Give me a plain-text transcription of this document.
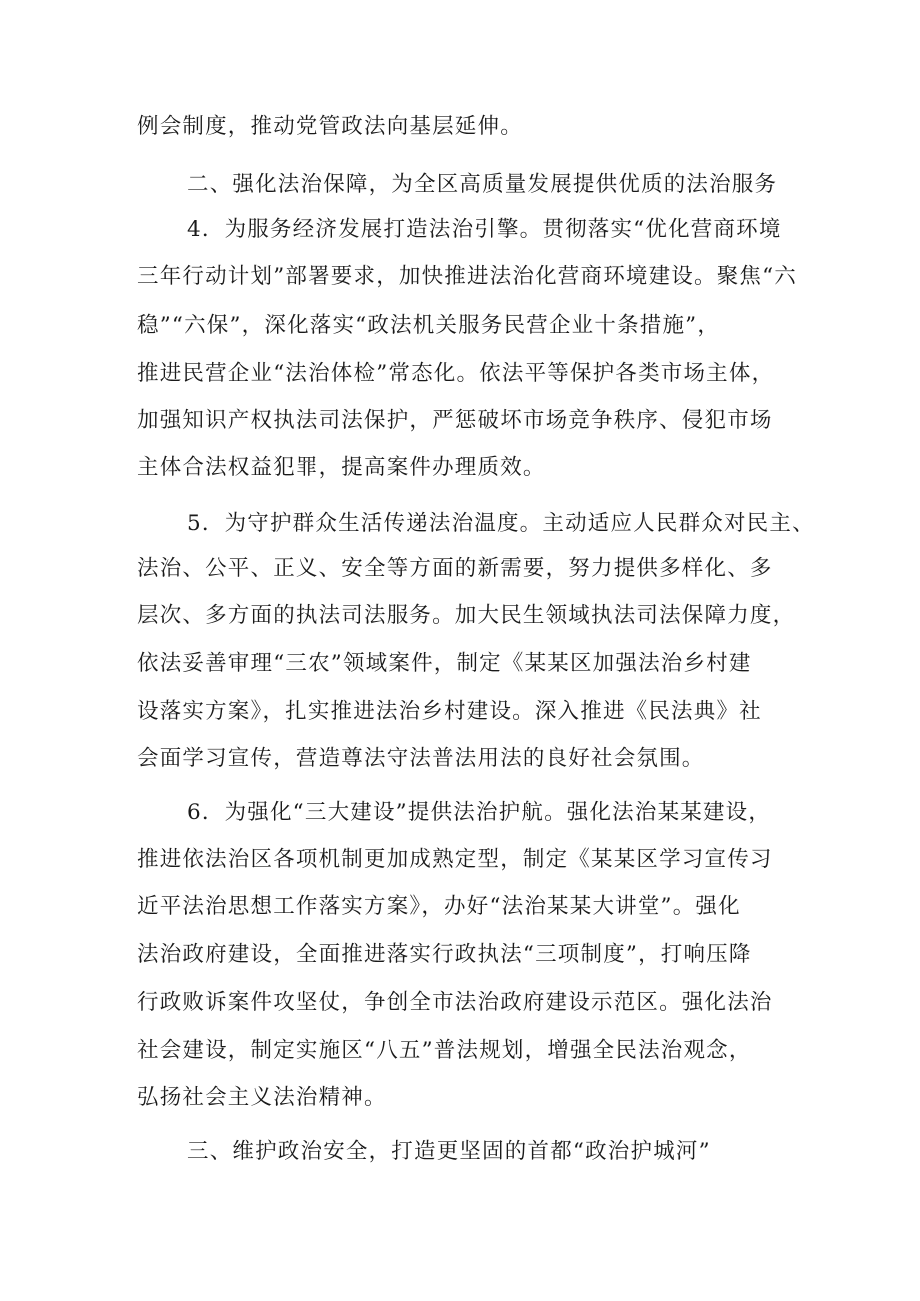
例会制度，推动党管政法向基层延伸。
二、强化法治保障，为全区高质量发展提供优质的法治服务
4．为服务经济发展打造法治引擎。贯彻落实“优化营商环境
三年行动计划”部署要求，加快推进法治化营商环境建设。聚焦“六
稳”“六保”，深化落实“政法机关服务民营企业十条措施”，
推进民营企业“法治体检”常态化。依法平等保护各类市场主体，
加强知识产权执法司法保护，严惩破坏市场竞争秩序、侵犯市场
主体合法权益犯罪，提高案件办理质效。
5．为守护群众生活传递法治温度。主动适应人民群众对民主、
法治、公平、正义、安全等方面的新需要，努力提供多样化、多
层次、多方面的执法司法服务。加大民生领域执法司法保障力度，
依法妥善审理“三农”领域案件，制定《某某区加强法治乡村建
设落实方案》，扎实推进法治乡村建设。深入推进《民法典》社
会面学习宣传，营造尊法守法普法用法的良好社会氛围。
6．为强化“三大建设”提供法治护航。强化法治某某建设，
推进依法治区各项机制更加成熟定型，制定《某某区学习宣传习
近平法治思想工作落实方案》，办好“法治某某大讲堂”。强化
法治政府建设，全面推进落实行政执法“三项制度”，打响压降
行政败诉案件攻坚仗，争创全市法治政府建设示范区。强化法治
社会建设，制定实施区“八五”普法规划，增强全民法治观念，
弘扬社会主义法治精神。
三、维护政治安全，打造更坚固的首都“政治护城河”
